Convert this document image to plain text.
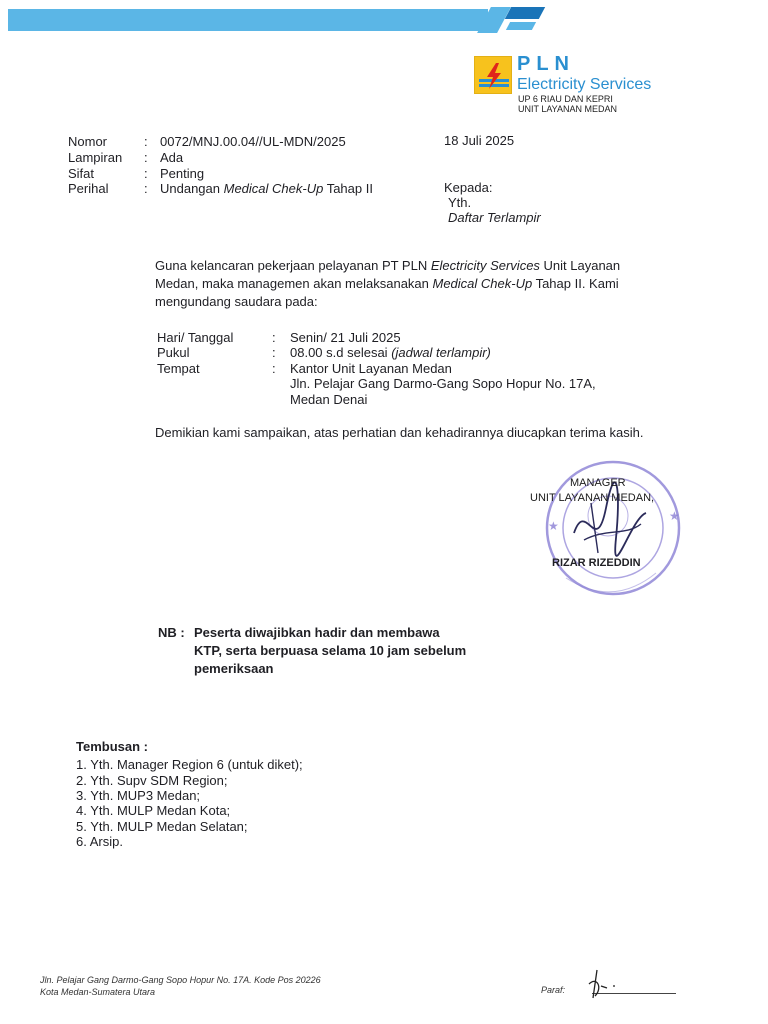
PLN
Electricity Services
UP 6 RIAU DAN KEPRI
UNIT LAYANAN MEDAN
Nomor	: 0072/MNJ.00.04//UL-MDN/2025
Lampiran : Ada
Sifat	: Penting
Perihal	: Undangan Medical Chek-Up Tahap II
18 Juli 2025
Kepada:
Yth.
Daftar Terlampir
Guna kelancaran pekerjaan pelayanan PT PLN Electricity Services Unit Layanan
Medan, maka managemen akan melaksanakan Medical Chek-Up Tahap II. Kami
mengundang saudara pada:
Hari/ Tanggal	: Senin/ 21 Juli 2025
Pukul	: 08.00 s.d selesai (jadwal terlampir)
Tempat	: Kantor Unit Layanan Medan
Jln. Pelajar Gang Darmo-Gang Sopo Hopur No. 17A,
Medan Denai
Demikian kami sampaikan, atas perhatian dan kehadirannya diucapkan terima kasih.
★
★
MANAGER
UNIT LAYANAN MEDAN,
RIZAR RIZEDDIN
NB : Peserta diwajibkan hadir dan membawa
KTP, serta berpuasa selama 10 jam sebelum
pemeriksaan
Tembusan :
1. Yth. Manager Region 6 (untuk diket);
2. Yth. Supv SDM Region;
3. Yth. MUP3 Medan;
4. Yth. MULP Medan Kota;
5. Yth. MULP Medan Selatan;
6. Arsip.
Jln. Pelajar Gang Darmo-Gang Sopo Hopur No. 17A. Kode Pos 20226
Kota Medan-Sumatera Utara	Paraf:
